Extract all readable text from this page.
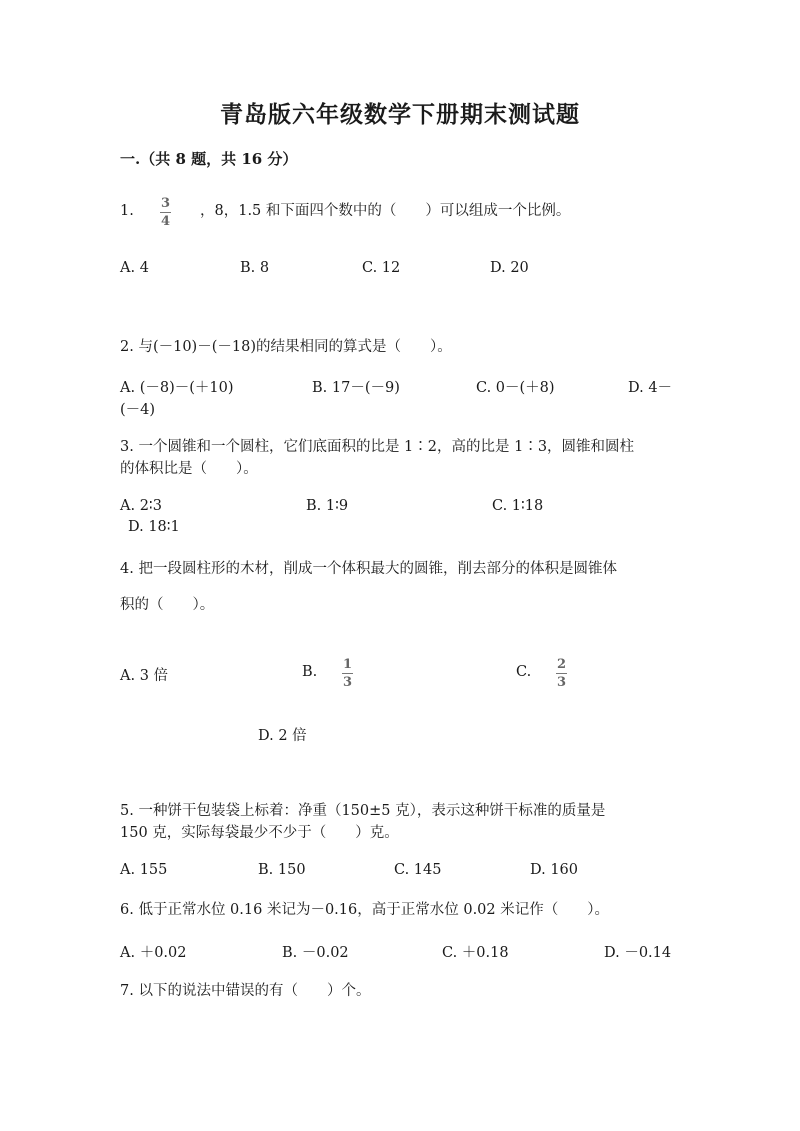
青岛版六年级数学下册期末测试题
一.（共 8 题，共 16 分）
1. 3
4
，8，1.5 和下面四个数中的（　　）可以组成一个比例。
A. 4	B. 8	C. 12	D. 20
2. 与(－10)－(－18)的结果相同的算式是（　　）。
A. (－8)－(＋10)	B. 17－(－9)	C. 0－(＋8)	D. 4－
(－4)
3. 一个圆锥和一个圆柱，它们底面积的比是 1∶2，高的比是 1∶3，圆锥和圆柱
的体积比是（　　）。
A. 2∶3	B. 1∶9	C. 1∶18
D. 18∶1
4. 把一段圆柱形的木材，削成一个体积最大的圆锥，削去部分的体积是圆锥体
积的（　　）。
A. 3 倍	B. 1
3
C. 2
3
D. 2 倍
5. 一种饼干包装袋上标着：净重（150±5 克），表示这种饼干标准的质量是
150 克，实际每袋最少不少于（　　）克。
A. 155	B. 150	C. 145	D. 160
6. 低于正常水位 0.16 米记为－0.16，高于正常水位 0.02 米记作（　　）。
A. ＋0.02	B. －0.02	C. ＋0.18	D. －0.14
7. 以下的说法中错误的有（　　）个。
